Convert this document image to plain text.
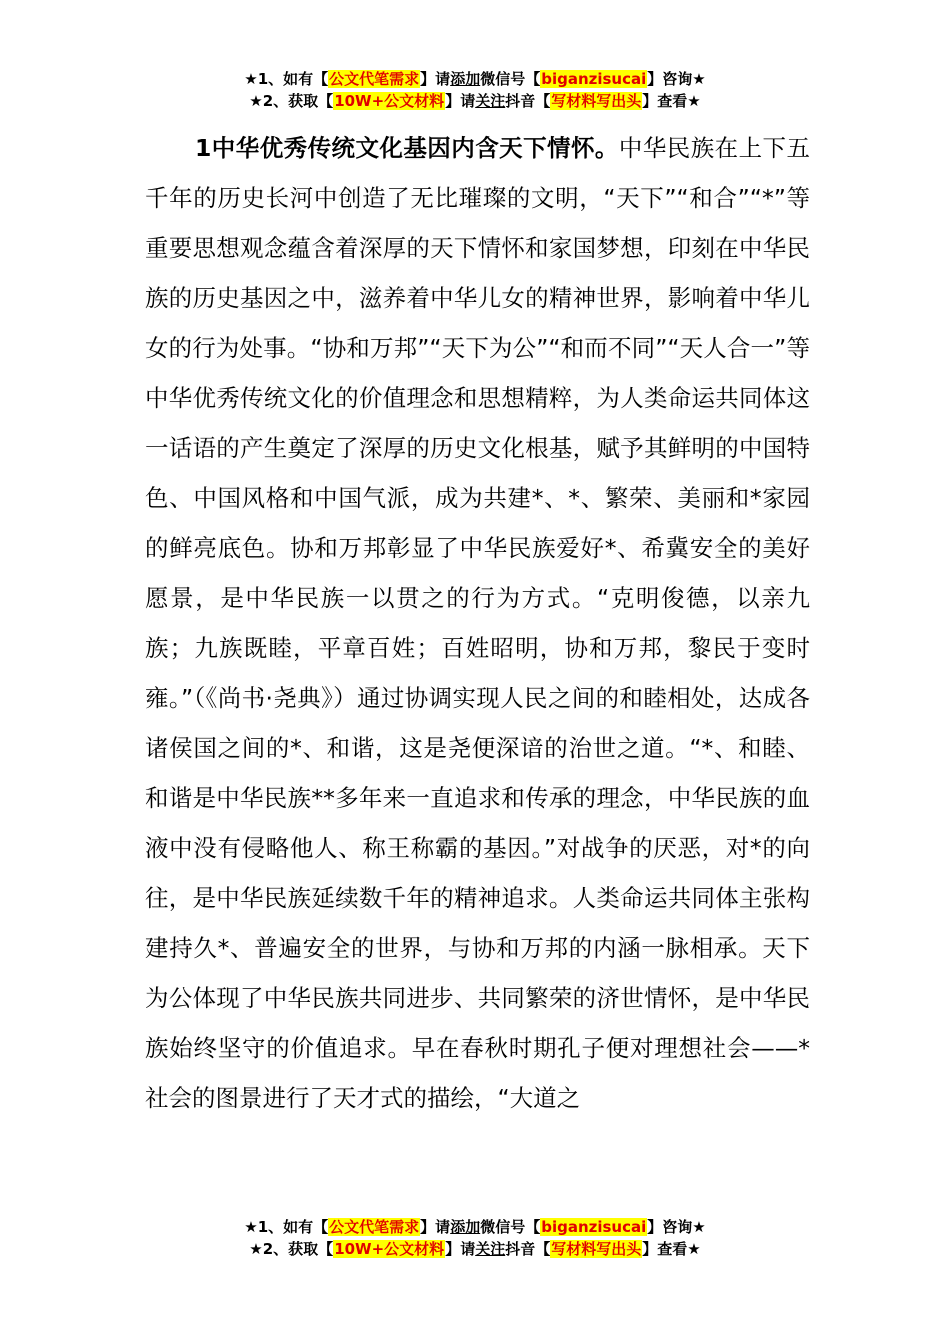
★1、如有【公文代笔需求】请添加微信号【biganzisucai】咨询★
★2、获取【10W+公文材料】请关注抖音【写材料写出头】查看★

1中华优秀传统文化基因内含天下情怀。中华民族在上下五千年的历史长河中创造了无比璀璨的文明，“天下”“和合”“*”等重要思想观念蕴含着深厚的天下情怀和家国梦想，印刻在中华民族的历史基因之中，滋养着中华儿女的精神世界，影响着中华儿女的行为处事。“协和万邦”“天下为公”“和而不同”“天人合一”等中华优秀传统文化的价值理念和思想精粹，为人类命运共同体这一话语的产生奠定了深厚的历史文化根基，赋予其鲜明的中国特色、中国风格和中国气派，成为共建*、*、繁荣、美丽和*家园的鲜亮底色。协和万邦彰显了中华民族爱好*、希冀安全的美好愿景，是中华民族一以贯之的行为方式。“克明俊德，以亲九族；九族既睦，平章百姓；百姓昭明，协和万邦，黎民于变时雍。”（《尚书·尧典》）通过协调实现人民之间的和睦相处，达成各诸侯国之间的*、和谐，这是尧便深谙的治世之道。“*、和睦、和谐是中华民族**多年来一直追求和传承的理念，中华民族的血液中没有侵略他人、称王称霸的基因。”对战争的厌恶，对*的向往，是中华民族延续数千年的精神追求。人类命运共同体主张构建持久*、普遍安全的世界，与协和万邦的内涵一脉相承。天下为公体现了中华民族共同进步、共同繁荣的济世情怀，是中华民族始终坚守的价值追求。早在春秋时期孔子便对理想社会——*社会的图景进行了天才式的描绘，“大道之

★1、如有【公文代笔需求】请添加微信号【biganzisucai】咨询★
★2、获取【10W+公文材料】请关注抖音【写材料写出头】查看★
